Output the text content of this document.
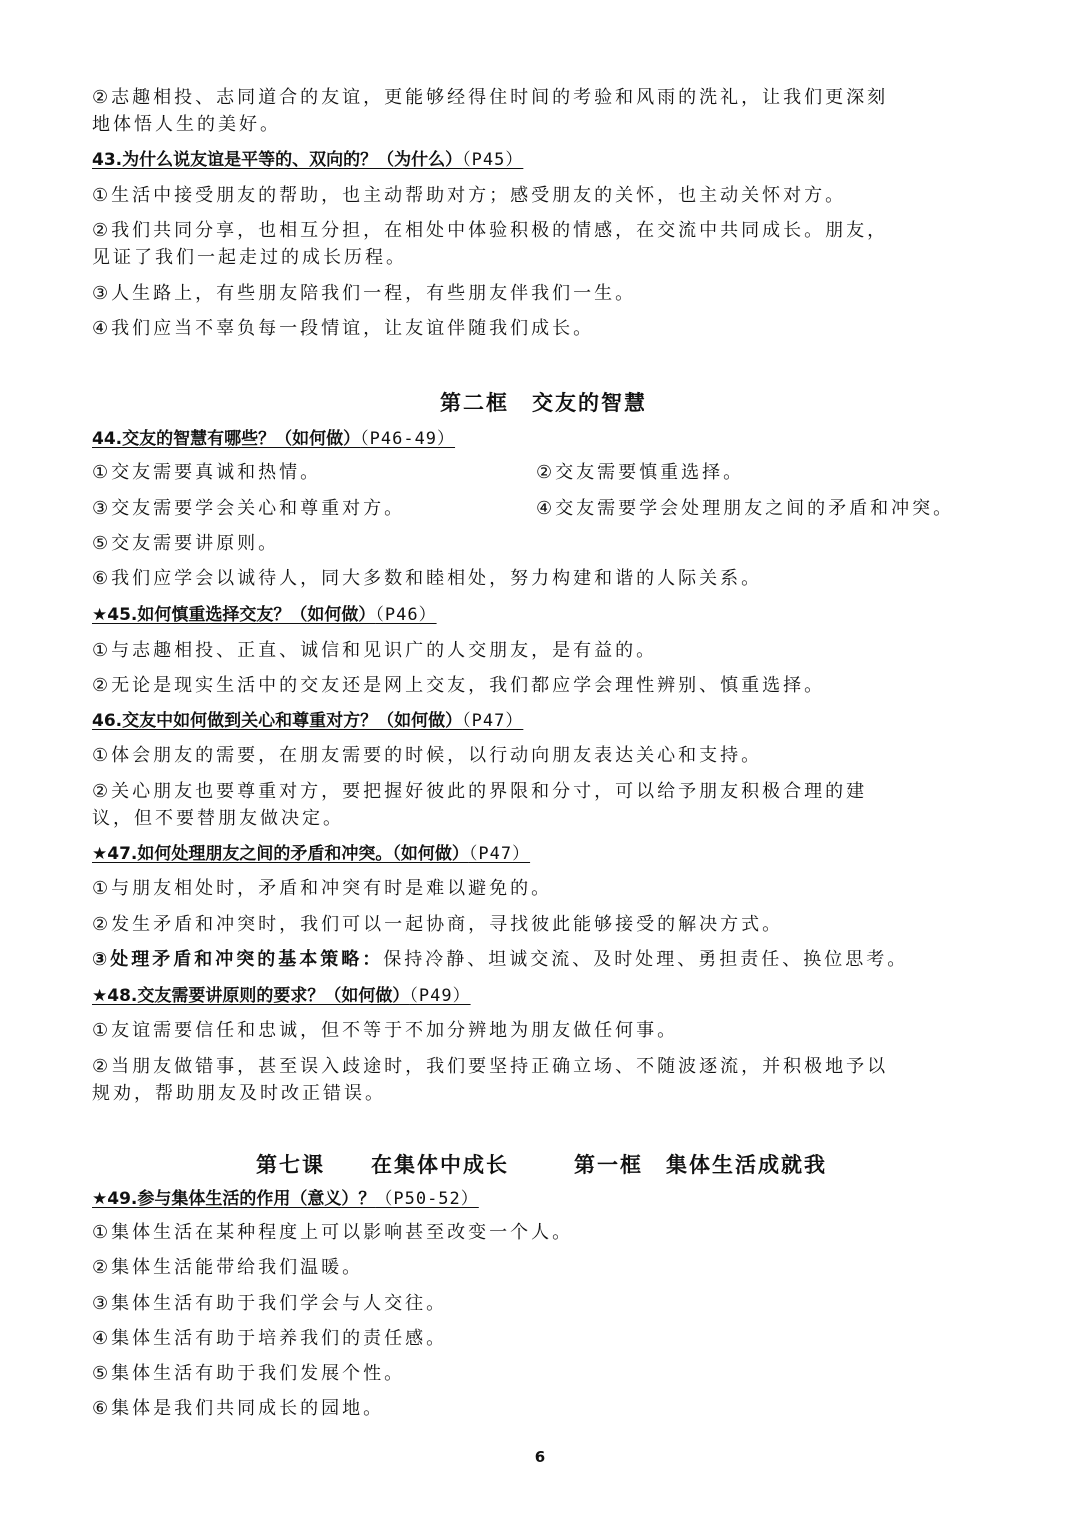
②志趣相投、志同道合的友谊，更能够经得住时间的考验和风雨的洗礼，让我们更深刻
地体悟人生的美好。
43.为什么说友谊是平等的、双向的？（为什么）（P45）
①生活中接受朋友的帮助，也主动帮助对方；感受朋友的关怀，也主动关怀对方。
②我们共同分享，也相互分担，在相处中体验积极的情感，在交流中共同成长。朋友，
见证了我们一起走过的成长历程。
③人生路上，有些朋友陪我们一程，有些朋友伴我们一生。
④我们应当不辜负每一段情谊，让友谊伴随我们成长。
第二框　交友的智慧
44.交友的智慧有哪些？（如何做）（P46-49）
①交友需要真诚和热情。	②交友需要慎重选择。
③交友需要学会关心和尊重对方。	④交友需要学会处理朋友之间的矛盾和冲突。
⑤交友需要讲原则。
⑥我们应学会以诚待人，同大多数和睦相处，努力构建和谐的人际关系。
★45.如何慎重选择交友？（如何做）（P46）
①与志趣相投、正直、诚信和见识广的人交朋友，是有益的。
②无论是现实生活中的交友还是网上交友，我们都应学会理性辨别、慎重选择。
46.交友中如何做到关心和尊重对方？（如何做）（P47）
①体会朋友的需要，在朋友需要的时候，以行动向朋友表达关心和支持。
②关心朋友也要尊重对方，要把握好彼此的界限和分寸，可以给予朋友积极合理的建
议，但不要替朋友做决定。
★47.如何处理朋友之间的矛盾和冲突。（如何做）（P47）
①与朋友相处时，矛盾和冲突有时是难以避免的。
②发生矛盾和冲突时，我们可以一起协商，寻找彼此能够接受的解决方式。
③处理矛盾和冲突的基本策略：保持冷静、坦诚交流、及时处理、勇担责任、换位思考。
★48.交友需要讲原则的要求？（如何做）（P49）
①友谊需要信任和忠诚，但不等于不加分辨地为朋友做任何事。
②当朋友做错事，甚至误入歧途时，我们要坚持正确立场、不随波逐流，并积极地予以
规劝，帮助朋友及时改正错误。
第七课　　在集体中成长	第一框　集体生活成就我
★49.参与集体生活的作用（意义）？（P50-52）
①集体生活在某种程度上可以影响甚至改变一个人。
②集体生活能带给我们温暖。
③集体生活有助于我们学会与人交往。
④集体生活有助于培养我们的责任感。
⑤集体生活有助于我们发展个性。
⑥集体是我们共同成长的园地。
6
